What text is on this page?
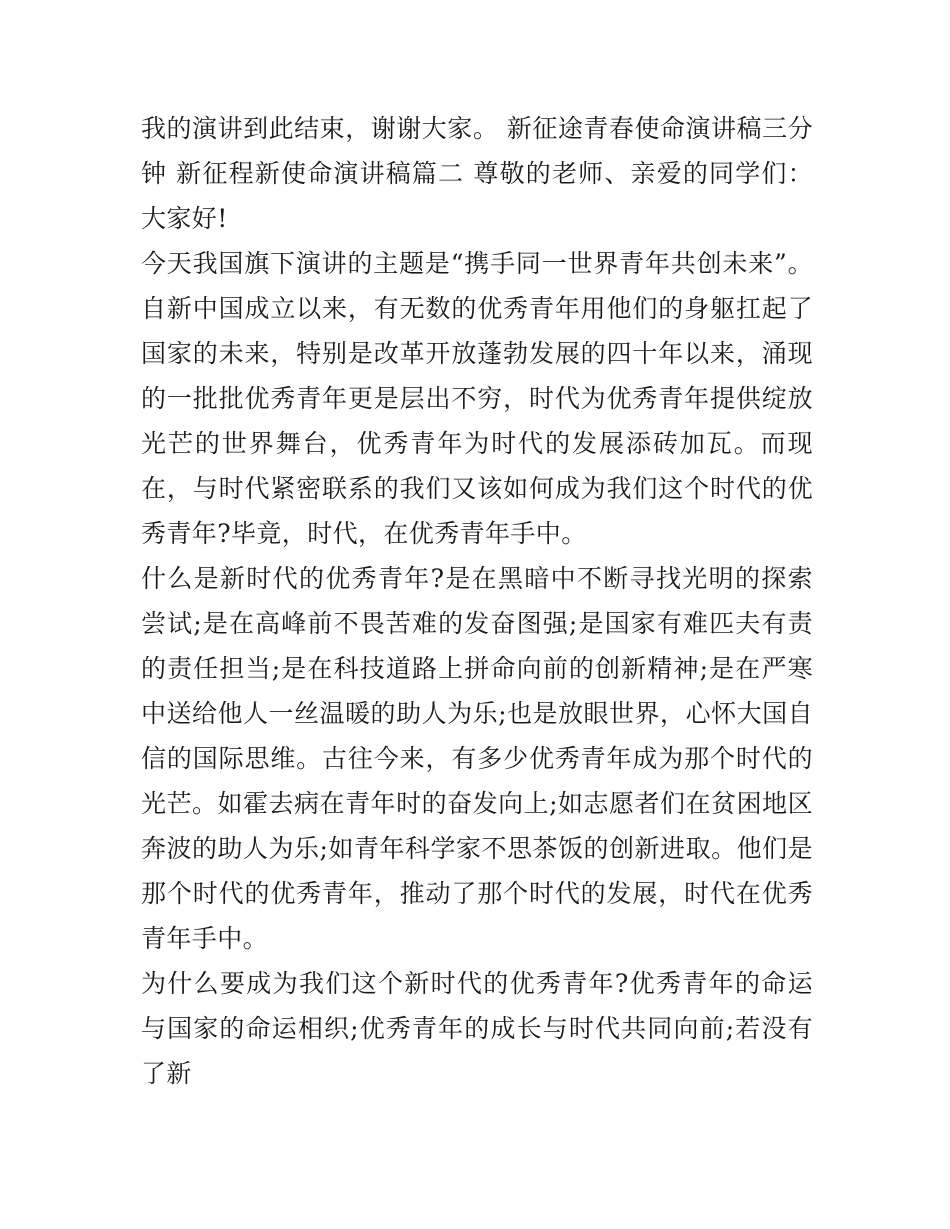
我的演讲到此结束，谢谢大家。 新征途青春使命演讲稿三分钟 新征程新使命演讲稿篇二 尊敬的老师、亲爱的同学们： 大家好!

今天我国旗下演讲的主题是“携手同一世界青年共创未来”。自新中国成立以来，有无数的优秀青年用他们的身躯扛起了国家的未来，特别是改革开放蓬勃发展的四十年以来，涌现的一批批优秀青年更是层出不穷，时代为优秀青年提供绽放光芒的世界舞台，优秀青年为时代的发展添砖加瓦。而现在，与时代紧密联系的我们又该如何成为我们这个时代的优秀青年?毕竟，时代，在优秀青年手中。

什么是新时代的优秀青年?是在黑暗中不断寻找光明的探索尝试;是在高峰前不畏苦难的发奋图强;是国家有难匹夫有责的责任担当;是在科技道路上拼命向前的创新精神;是在严寒中送给他人一丝温暖的助人为乐;也是放眼世界，心怀大国自信的国际思维。古往今来，有多少优秀青年成为那个时代的光芒。如霍去病在青年时的奋发向上;如志愿者们在贫困地区奔波的助人为乐;如青年科学家不思茶饭的创新进取。他们是那个时代的优秀青年，推动了那个时代的发展，时代在优秀青年手中。

为什么要成为我们这个新时代的优秀青年?优秀青年的命运与国家的命运相织;优秀青年的成长与时代共同向前;若没有了新
